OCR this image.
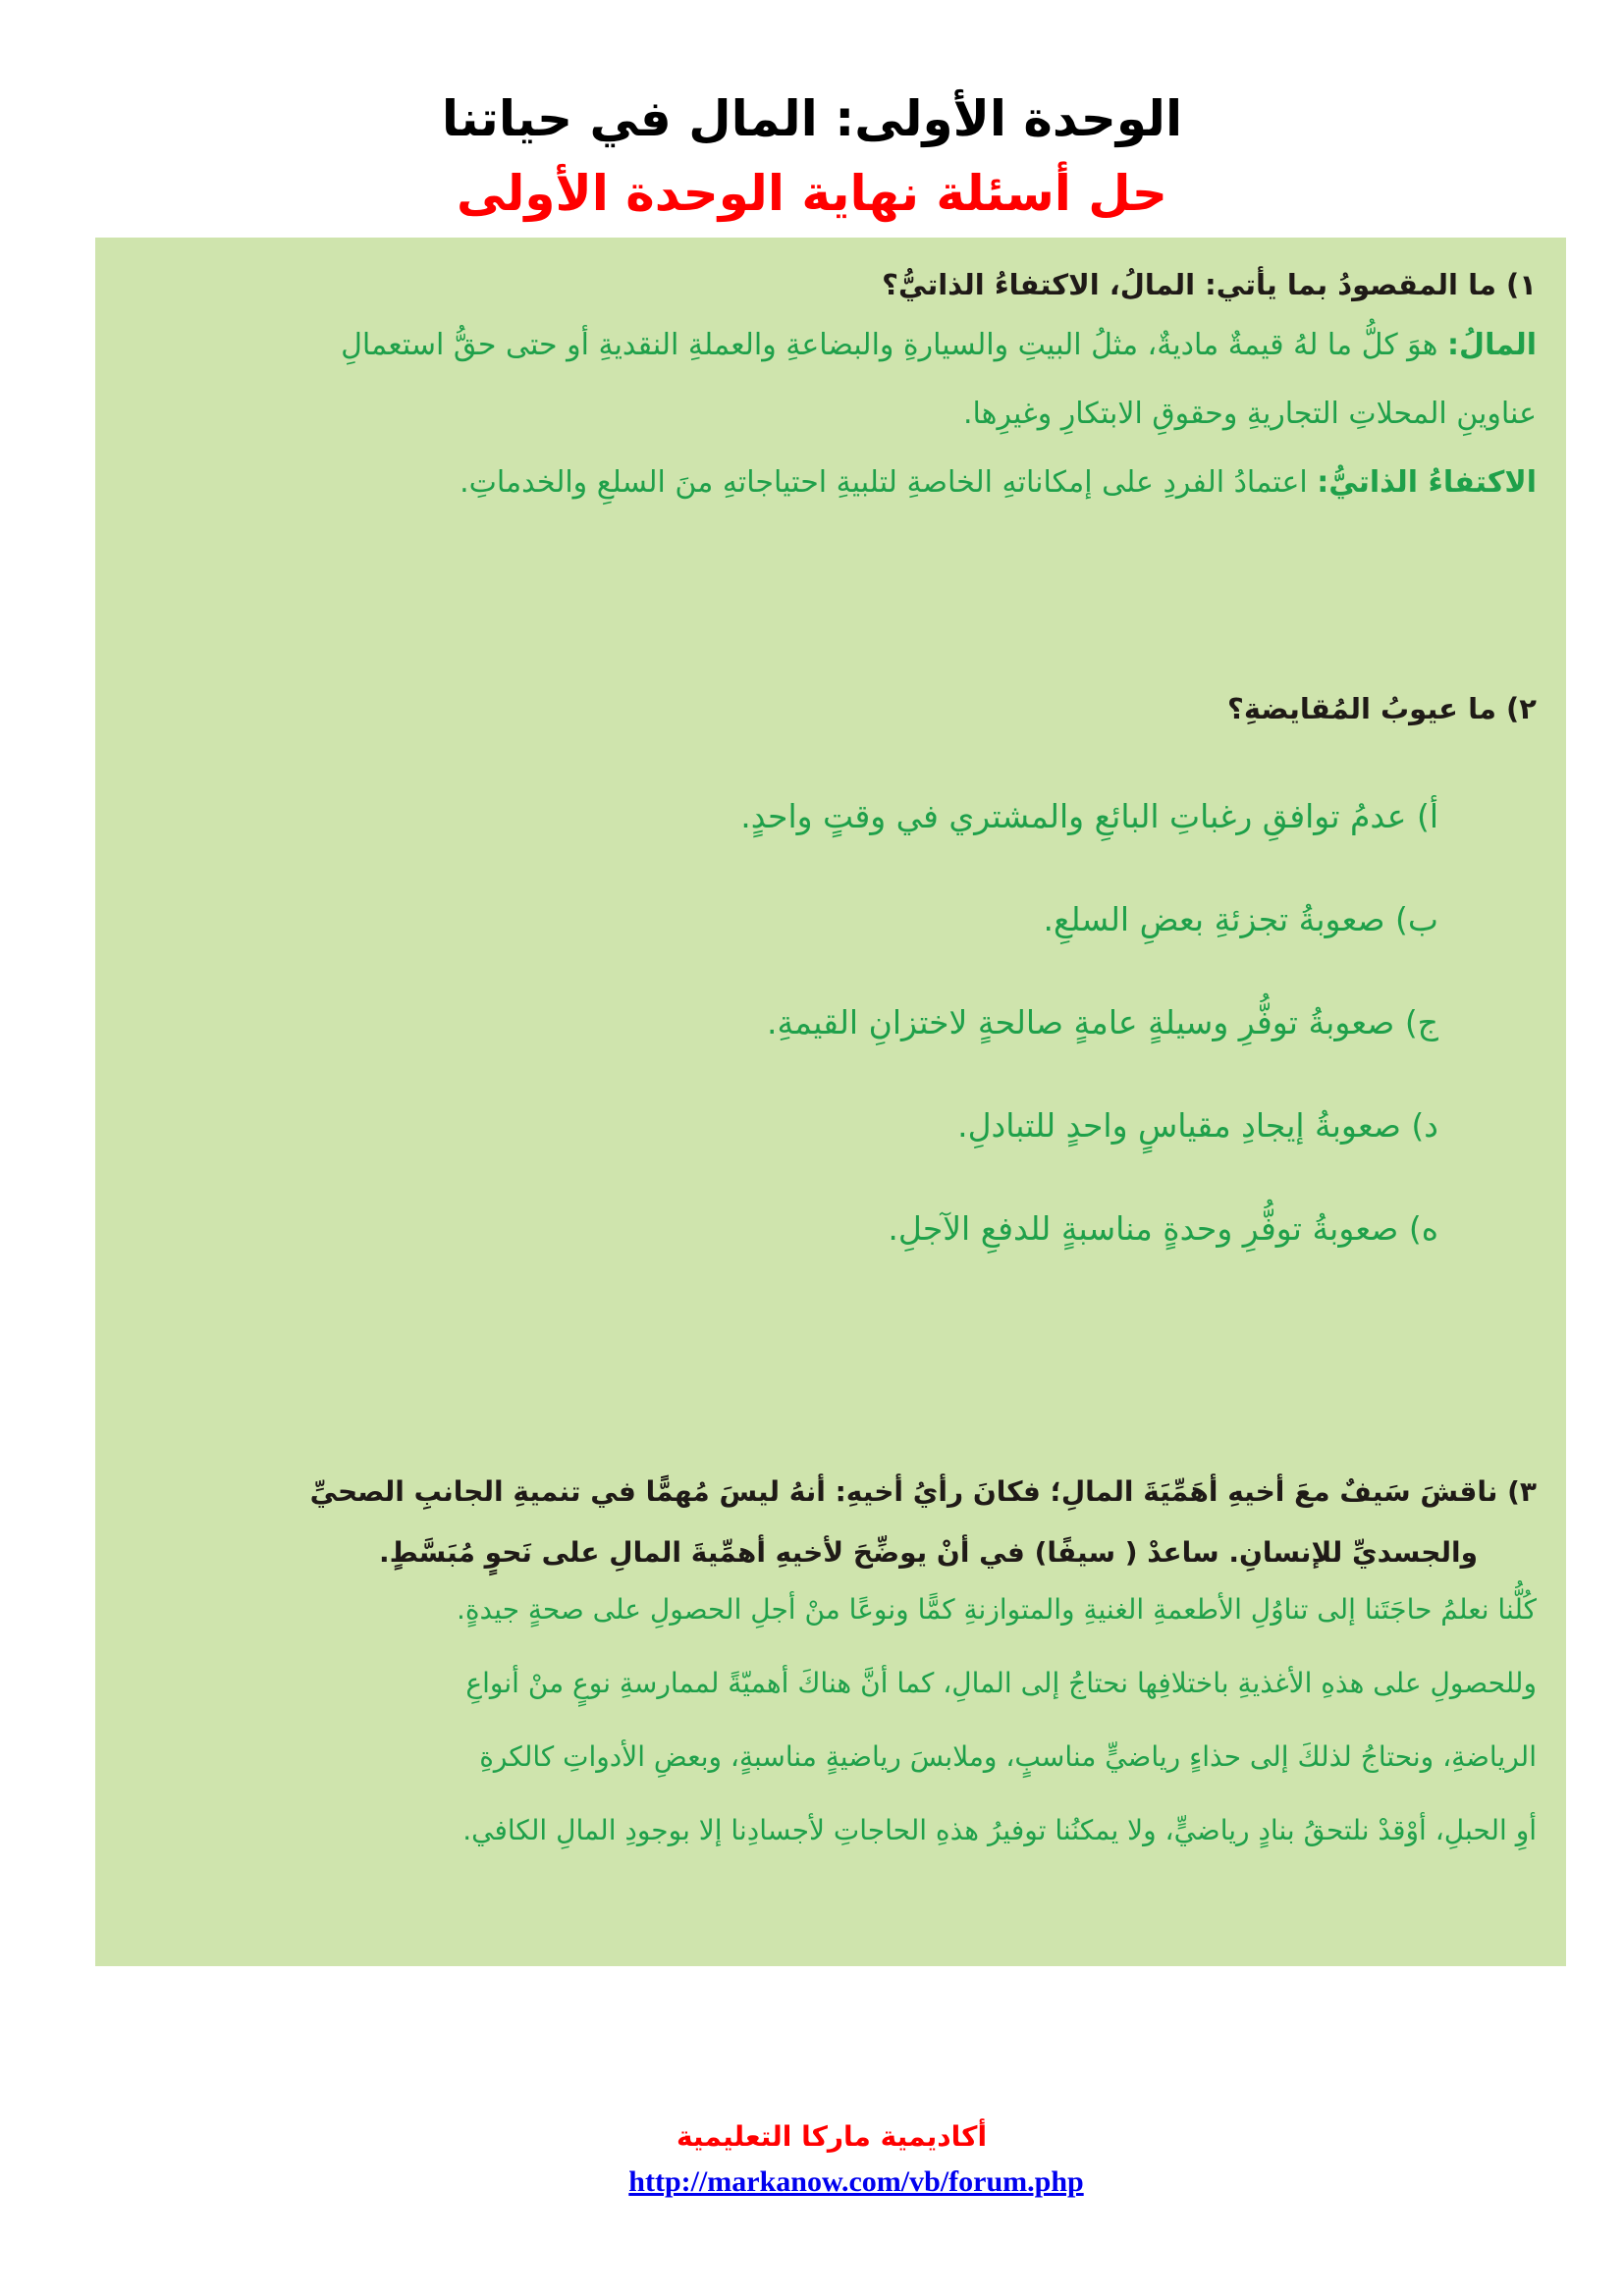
الوحدة الأولى: المال في حياتنا
حل أسئلة نهاية الوحدة الأولى
١) ما المقصودُ بما يأتي: المالُ، الاكتفاءُ الذاتيُّ؟
المالُ: هوَ كلُّ ما لهُ قيمةٌ ماديةٌ، مثلُ البيتِ والسيارةِ والبضاعةِ والعملةِ النقديةِ أو حتى حقُّ استعمالِ
عناوينِ المحلاتِ التجاريةِ وحقوقِ الابتكارِ وغيرِها.
الاكتفاءُ الذاتيُّ: اعتمادُ الفردِ على إمكاناتهِ الخاصةِ لتلبيةِ احتياجاتهِ منَ السلعِ والخدماتِ.
٢) ما عيوبُ المُقايضةِ؟
أ) عدمُ توافقِ رغباتِ البائعِ والمشتري في وقتٍ واحدٍ.
ب) صعوبةُ تجزئةِ بعضِ السلعِ.
ج) صعوبةُ توفُّرِ وسيلةٍ عامةٍ صالحةٍ لاختزانِ القيمةِ.
د) صعوبةُ إيجادِ مقياسٍ واحدٍ للتبادلِ.
ه) صعوبةُ توفُّرِ وحدةٍ مناسبةٍ للدفعِ الآجلِ.
٣) ناقشَ سَيفٌ معَ أخيهِ أهَمِّيَةَ المالِ؛ فكانَ رأيُ أخيهِ: أنهُ ليسَ مُهمًّا في تنميةِ الجانبِ الصحيِّ
والجسديِّ للإنسانِ. ساعدْ ( سيفًا) في أنْ يوضِّحَ لأخيهِ أهمِّيةَ المالِ على نَحوٍ مُبَسَّطٍ.
كُلُّنا نعلمُ حاجَتَنا إلى تناوُلِ الأطعمةِ الغنيةِ والمتوازنةِ كمًّا ونوعًا منْ أجلِ الحصولِ على صحةٍ جيدةٍ.
وللحصولِ على هذهِ الأغذيةِ باختلافِها نحتاجُ إلى المالِ، كما أنَّ هناكَ أهميّةً لممارسةِ نوعٍ منْ أنواعِ
الرياضةِ، ونحتاجُ لذلكَ إلى حذاءٍ رياضيٍّ مناسبٍ، وملابسَ رياضيةٍ مناسبةٍ، وبعضِ الأدواتِ كالكرةِ
أوِ الحبلِ، أوْقدْ نلتحقُ بنادٍ رياضيٍّ، ولا يمكنُنا توفيرُ هذهِ الحاجاتِ لأجسادِنا إلا بوجودِ المالِ الكافي.
أكاديمية ماركا التعليمية
http://markanow.com/vb/forum.php
